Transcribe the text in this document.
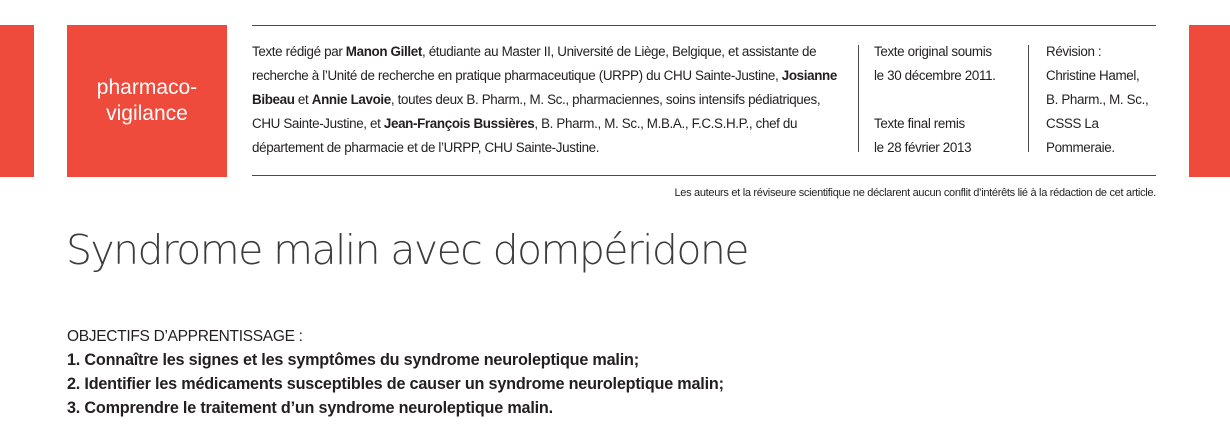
pharmaco-
vigilance
Texte rédigé par Manon Gillet, étudiante au Master II, Université de Liège, Belgique, et assistante de recherche à l’Unité de recherche en pratique pharmaceutique (URPP) du CHU Sainte-Justine, Josianne Bibeau et Annie Lavoie, toutes deux B. Pharm., M. Sc., pharmaciennes, soins intensifs pédiatriques, CHU Sainte-Justine, et Jean-François Bussières, B. Pharm., M. Sc., M.B.A., F.C.S.H.P., chef du département de pharmacie et de l’URPP, CHU Sainte-Justine.
Texte original soumis
le 30 décembre 2011.
Texte final remis
le 28 février 2013
Révision :
Christine Hamel,
B. Pharm., M. Sc.,
CSSS La
Pommeraie.
Les auteurs et la réviseure scientifique ne déclarent aucun conflit d’intérêts lié à la rédaction de cet article.
Syndrome malin avec dompéridone
OBJECTIFS D’APPRENTISSAGE :
1. Connaître les signes et les symptômes du syndrome neuroleptique malin;
2. Identifier les médicaments susceptibles de causer un syndrome neuroleptique malin;
3. Comprendre le traitement d’un syndrome neuroleptique malin.
